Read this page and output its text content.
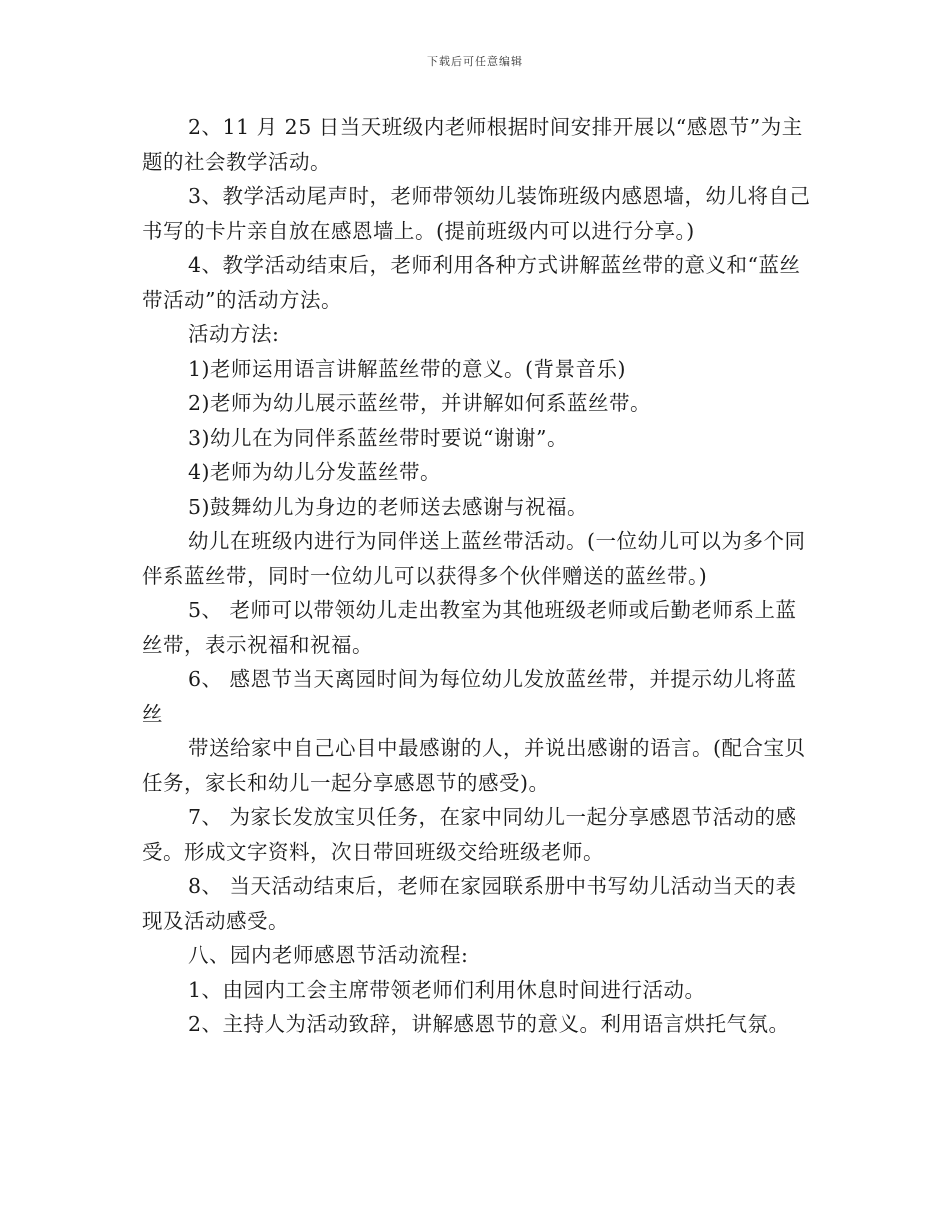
下载后可任意编辑

2、11 月 25 日当天班级内老师根据时间安排开展以“感恩节”为主题的社会教学活动。

3、教学活动尾声时，老师带领幼儿装饰班级内感恩墙，幼儿将自己书写的卡片亲自放在感恩墙上。(提前班级内可以进行分享。)

4、教学活动结束后，老师利用各种方式讲解蓝丝带的意义和“蓝丝带活动”的活动方法。

活动方法:

1)老师运用语言讲解蓝丝带的意义。(背景音乐)

2)老师为幼儿展示蓝丝带，并讲解如何系蓝丝带。

3)幼儿在为同伴系蓝丝带时要说“谢谢”。

4)老师为幼儿分发蓝丝带。

5)鼓舞幼儿为身边的老师送去感谢与祝福。

幼儿在班级内进行为同伴送上蓝丝带活动。(一位幼儿可以为多个同伴系蓝丝带，同时一位幼儿可以获得多个伙伴赠送的蓝丝带。)

5、 老师可以带领幼儿走出教室为其他班级老师或后勤老师系上蓝丝带，表示祝福和祝福。

6、 感恩节当天离园时间为每位幼儿发放蓝丝带，并提示幼儿将蓝丝

带送给家中自己心目中最感谢的人，并说出感谢的语言。(配合宝贝任务，家长和幼儿一起分享感恩节的感受)。

7、 为家长发放宝贝任务，在家中同幼儿一起分享感恩节活动的感受。形成文字资料，次日带回班级交给班级老师。

8、 当天活动结束后，老师在家园联系册中书写幼儿活动当天的表现及活动感受。

八、园内老师感恩节活动流程:

1、由园内工会主席带领老师们利用休息时间进行活动。

2、主持人为活动致辞，讲解感恩节的意义。利用语言烘托气氛。
